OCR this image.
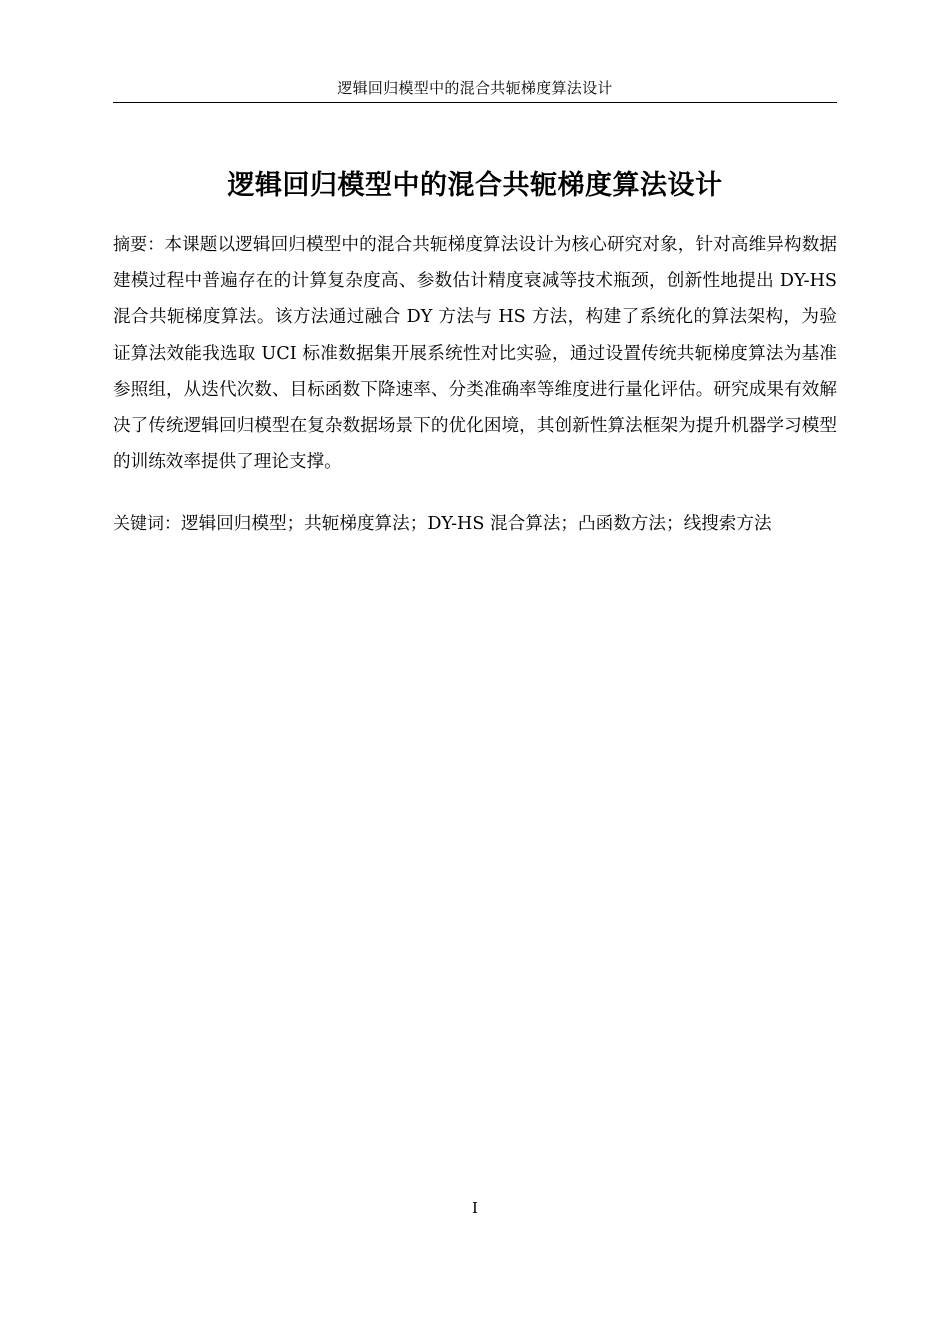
逻辑回归模型中的混合共轭梯度算法设计
逻辑回归模型中的混合共轭梯度算法设计

摘要：本课题以逻辑回归模型中的混合共轭梯度算法设计为核心研究对象，针对高维异构数据建模过程中普遍存在的计算复杂度高、参数估计精度衰减等技术瓶颈，创新性地提出 DY-HS 混合共轭梯度算法。该方法通过融合 DY 方法与 HS 方法，构建了系统化的算法架构，为验证算法效能我选取 UCI 标准数据集开展系统性对比实验，通过设置传统共轭梯度算法为基准参照组，从迭代次数、目标函数下降速率、分类准确率等维度进行量化评估。研究成果有效解决了传统逻辑回归模型在复杂数据场景下的优化困境，其创新性算法框架为提升机器学习模型的训练效率提供了理论支撑。

关键词：逻辑回归模型；共轭梯度算法；DY-HS 混合算法；凸函数方法；线搜索方法

I
